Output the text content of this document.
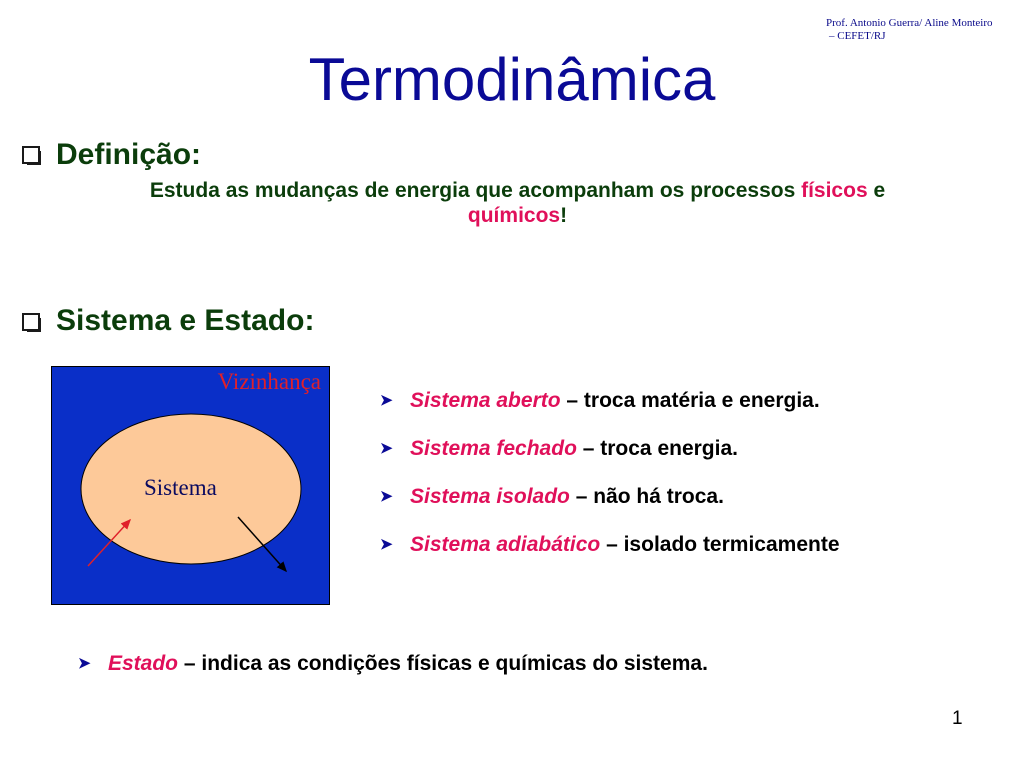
Prof. Antonio Guerra/ Aline Monteiro
– CEFET/RJ
Termodinâmica
Definição:
Estuda as mudanças de energia que acompanham os processos físicos e
químicos!
Sistema e Estado:
Vizinhança
Sistema
➤ Sistema aberto – troca matéria e energia.
➤ Sistema fechado – troca energia.
➤ Sistema isolado – não há troca.
➤ Sistema adiabático – isolado termicamente
➤ Estado – indica as condições físicas e químicas do sistema.
1
